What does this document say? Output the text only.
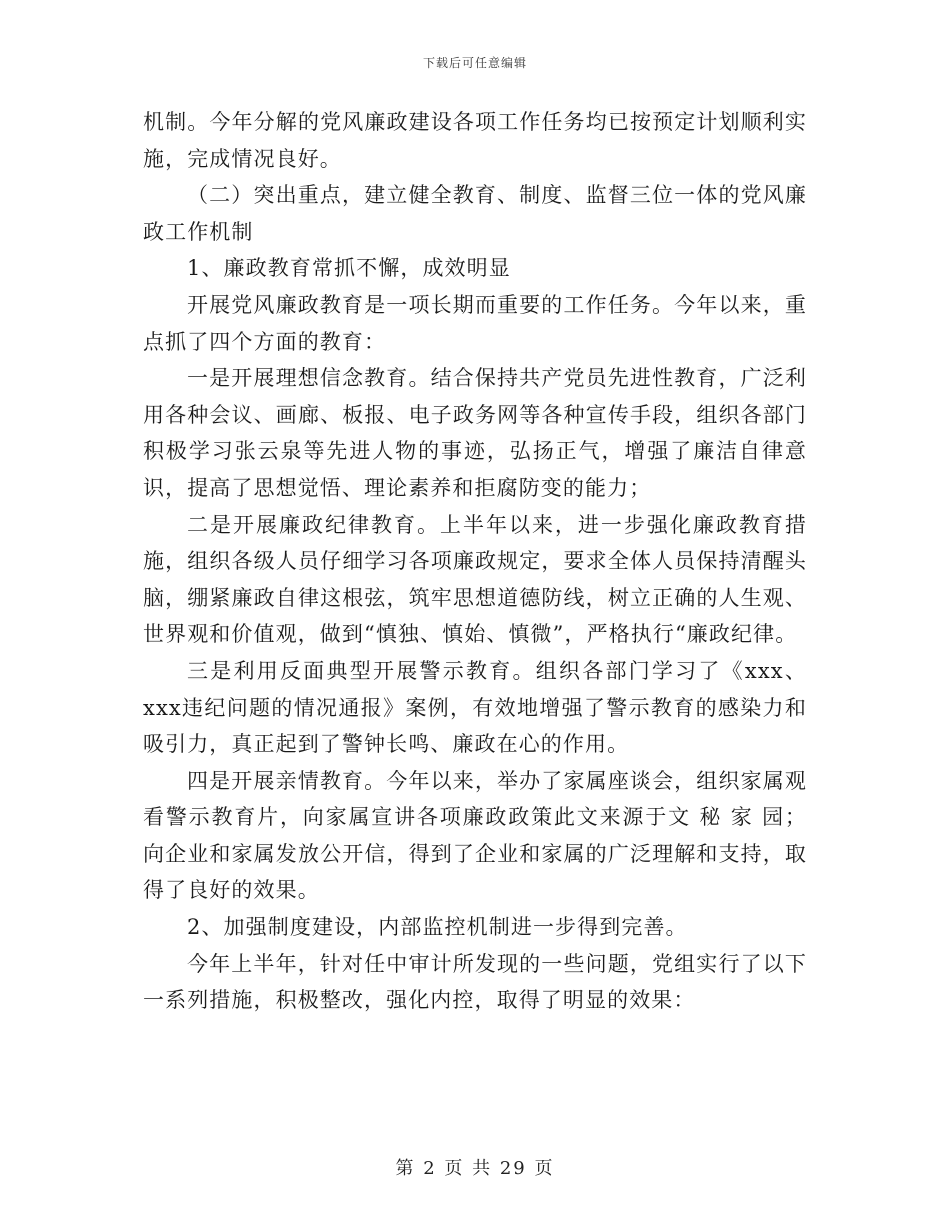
下载后可任意编辑

机制。今年分解的党风廉政建设各项工作任务均已按预定计划顺利实施，完成情况良好。

（二）突出重点，建立健全教育、制度、监督三位一体的党风廉政工作机制

1、廉政教育常抓不懈，成效明显

开展党风廉政教育是一项长期而重要的工作任务。今年以来，重点抓了四个方面的教育：

一是开展理想信念教育。结合保持共产党员先进性教育，广泛利用各种会议、画廊、板报、电子政务网等各种宣传手段，组织各部门积极学习张云泉等先进人物的事迹，弘扬正气，增强了廉洁自律意识，提高了思想觉悟、理论素养和拒腐防变的能力；

二是开展廉政纪律教育。上半年以来，进一步强化廉政教育措施，组织各级人员仔细学习各项廉政规定，要求全体人员保持清醒头脑，绷紧廉政自律这根弦，筑牢思想道德防线，树立正确的人生观、世界观和价值观，做到“慎独、慎始、慎微”，严格执行“廉政纪律。

三是利用反面典型开展警示教育。组织各部门学习了《xxx、xxx违纪问题的情况通报》案例，有效地增强了警示教育的感染力和吸引力，真正起到了警钟长鸣、廉政在心的作用。

四是开展亲情教育。今年以来，举办了家属座谈会，组织家属观看警示教育片，向家属宣讲各项廉政政策此文来源于文 秘 家 园；向企业和家属发放公开信，得到了企业和家属的广泛理解和支持，取得了良好的效果。

2、加强制度建设，内部监控机制进一步得到完善。

今年上半年，针对任中审计所发现的一些问题，党组实行了以下一系列措施，积极整改，强化内控，取得了明显的效果：

第 2 页 共 29 页
